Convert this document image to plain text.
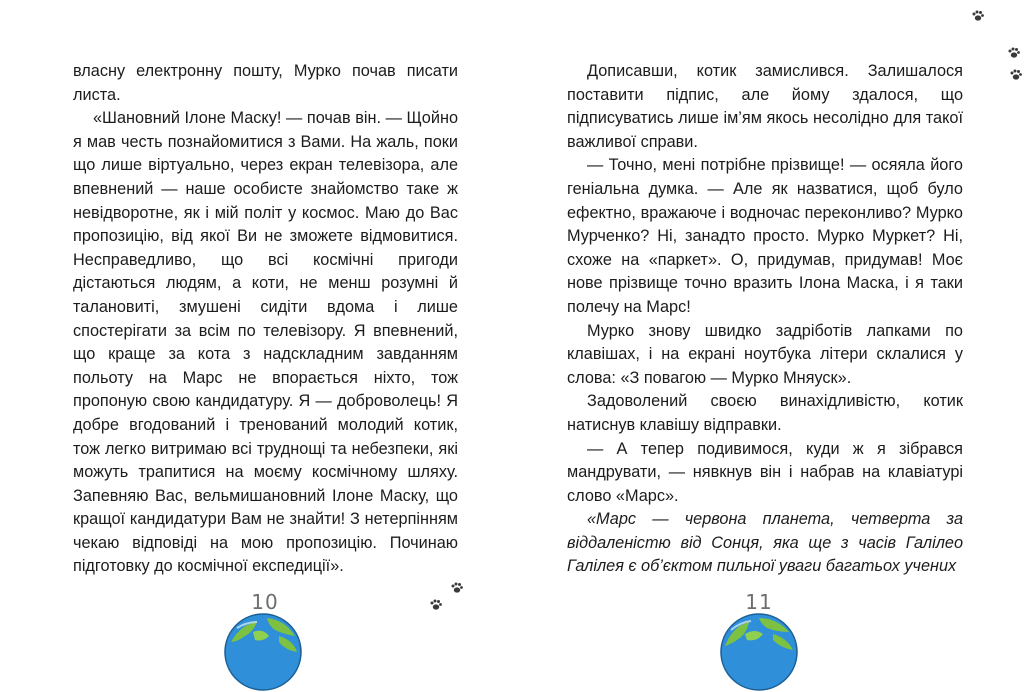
власну електронну пошту, Мурко почав писати листа.

«Шановний Ілоне Маску! — почав він. — Щойно я мав честь познайомитися з Вами. На жаль, поки що лише віртуально, через екран телевізора, але впевнений — наше особисте знайомство таке ж невідворотне, як і мій політ у космос. Маю до Вас пропозицію, від якої Ви не зможете відмовитися. Несправедливо, що всі космічні пригоди дістаються людям, а коти, не менш розумні й талановиті, змушені сидіти вдома і лише спостерігати за всім по телевізору. Я впевнений, що краще за кота з надскладним завданням польоту на Марс не впорається ніхто, тож пропоную свою кандидатуру. Я — доброволець! Я добре вгодований і тренований молодий котик, тож легко витримаю всі труднощі та небезпеки, які можуть трапитися на моєму космічному шляху. Запевняю Вас, вельмишановний Ілоне Маску, що кращої кандидатури Вам не знайти! З нетерпінням чекаю відповіді на мою пропозицію. Починаю підготовку до космічної експедиції».

10

Дописавши, котик замислився. Залишалося поставити підпис, але йому здалося, що підписуватись лише ім’ям якось несолідно для такої важливої справи.

— Точно, мені потрібне прізвище! — осяяла його геніальна думка. — Але як назватися, щоб було ефектно, вражаюче і водночас переконливо? Мурко Мурченко? Ні, занадто просто. Мурко Муркет? Ні, схоже на «паркет». О, придумав, придумав! Моє нове прізвище точно вразить Ілона Маска, і я таки полечу на Марс!

Мурко знову швидко задріботів лапками по клавішах, і на екрані ноутбука літери склалися у слова: «З повагою — Мурко Мняуск».

Задоволений своєю винахідливістю, котик натиснув клавішу відправки.

— А тепер подивимося, куди ж я зібрався мандрувати, — нявкнув він і набрав на клавіатурі слово «Марс».

«Марс — червона планета, четверта за віддаленістю від Сонця, яка ще з часів Галілео Галілея є об’єктом пильної уваги багатьох учених

11
